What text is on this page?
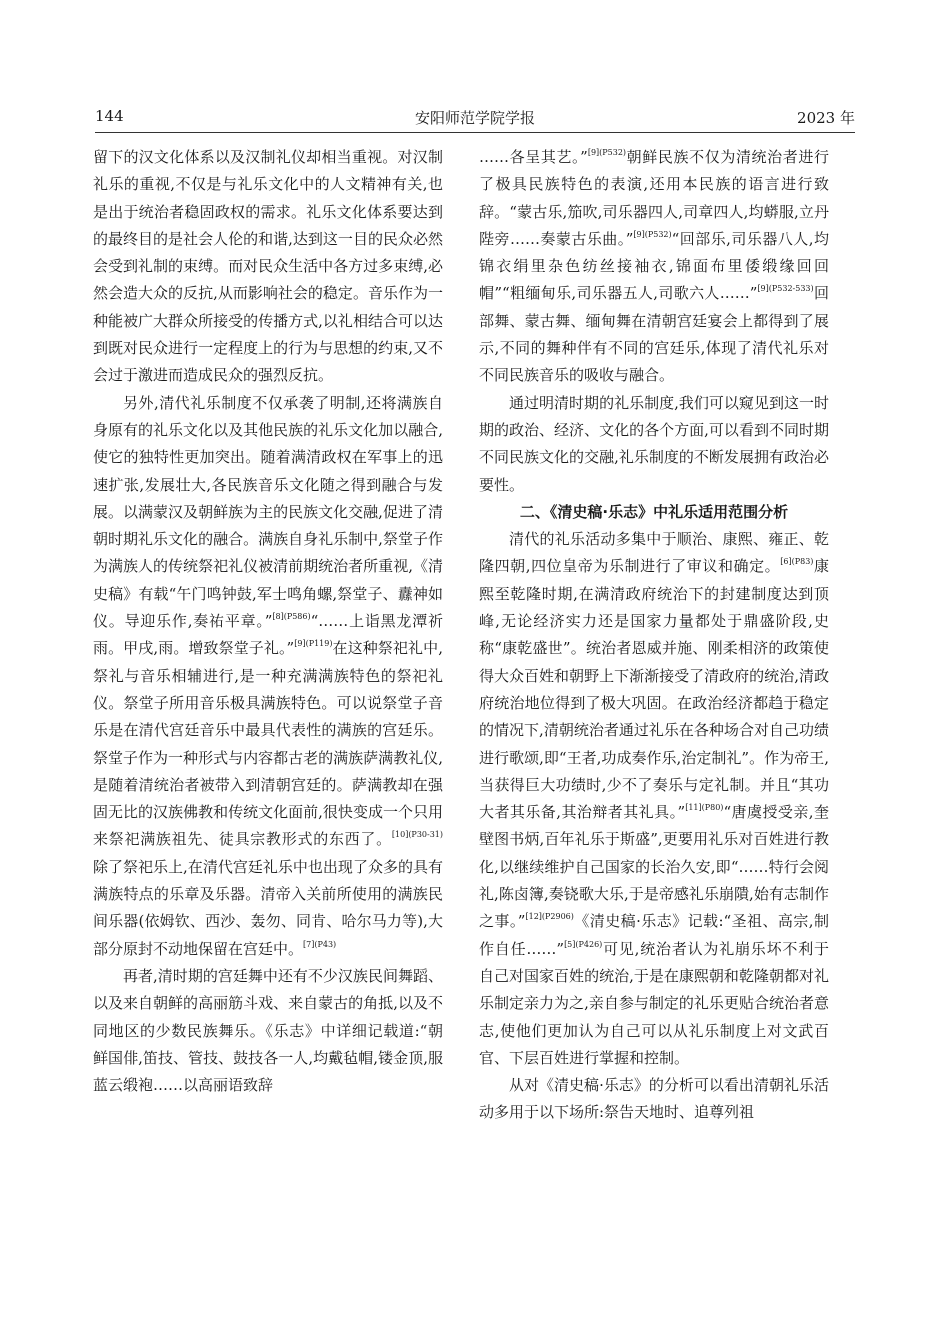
144	安阳师范学院学报	2023 年

留下的汉文化体系以及汉制礼仪却相当重视。对汉制礼乐的重视,不仅是与礼乐文化中的人文精神有关,也是出于统治者稳固政权的需求。礼乐文化体系要达到的最终目的是社会人伦的和谐,达到这一目的民众必然会受到礼制的束缚。而对民众生活中各方过多束缚,必然会造大众的反抗,从而影响社会的稳定。音乐作为一种能被广大群众所接受的传播方式,以礼相结合可以达到既对民众进行一定程度上的行为与思想的约束,又不会过于激进而造成民众的强烈反抗。

另外,清代礼乐制度不仅承袭了明制,还将满族自身原有的礼乐文化以及其他民族的礼乐文化加以融合,使它的独特性更加突出。随着满清政权在军事上的迅速扩张,发展壮大,各民族音乐文化随之得到融合与发展。以满蒙汉及朝鲜族为主的民族文化交融,促进了清朝时期礼乐文化的融合。满族自身礼乐制中,祭堂子作为满族人的传统祭祀礼仪被清前期统治者所重视,《清史稿》有载“午门鸣钟鼓,军士鸣角螺,祭堂子、纛神如仪。导迎乐作,奏祐平章。”$^{[8](P586)}$“……上诣黑龙潭祈雨。甲戌,雨。增致祭堂子礼。”$^{[9](P119)}$在这种祭祀礼中,祭礼与音乐相辅进行,是一种充满满族特色的祭祀礼仪。祭堂子所用音乐极具满族特色。可以说祭堂子音乐是在清代宫廷音乐中最具代表性的满族的宫廷乐。祭堂子作为一种形式与内容都古老的满族萨满教礼仪,是随着清统治者被带入到清朝宫廷的。萨满教却在强固无比的汉族佛教和传统文化面前,很快变成一个只用来祭祀满族祖先、徒具宗教形式的东西了。$^{[10](P30-31)}$除了祭祀乐上,在清代宫廷礼乐中也出现了众多的具有满族特点的乐章及乐器。清帝入关前所使用的满族民间乐器(依姆钦、西沙、轰勿、同肯、哈尔马力等),大部分原封不动地保留在宫廷中。$^{[7](P43)}$

再者,清时期的宫廷舞中还有不少汉族民间舞蹈、以及来自朝鲜的高丽筋斗戏、来自蒙古的角抵,以及不同地区的少数民族舞乐。《乐志》中详细记载道:“朝鲜国俳,笛技、管技、鼓技各一人,均戴毡帽,镂金顶,服蓝云缎袍……以高丽语致辞

……各呈其艺。”$^{[9](P532)}$朝鲜民族不仅为清统治者进行了极具民族特色的表演,还用本民族的语言进行致辞。“蒙古乐,笳吹,司乐器四人,司章四人,均蟒服,立丹陛旁……奏蒙古乐曲。”$^{[9](P532)}$“回部乐,司乐器八人,均锦衣绢里杂色纺丝接袖衣,锦面布里倭缎缘回回帽”“粗缅甸乐,司乐器五人,司歌六人……”$^{[9](P532-533)}$回部舞、蒙古舞、缅甸舞在清朝宫廷宴会上都得到了展示,不同的舞种伴有不同的宫廷乐,体现了清代礼乐对不同民族音乐的吸收与融合。

通过明清时期的礼乐制度,我们可以窥见到这一时期的政治、经济、文化的各个方面,可以看到不同时期不同民族文化的交融,礼乐制度的不断发展拥有政治必要性。

二、《清史稿·乐志》中礼乐适用范围分析

清代的礼乐活动多集中于顺治、康熙、雍正、乾隆四朝,四位皇帝为乐制进行了审议和确定。$^{[6](P83)}$康熙至乾隆时期,在满清政府统治下的封建制度达到顶峰,无论经济实力还是国家力量都处于鼎盛阶段,史称“康乾盛世”。统治者恩威并施、刚柔相济的政策使得大众百姓和朝野上下渐渐接受了清政府的统治,清政府统治地位得到了极大巩固。在政治经济都趋于稳定的情况下,清朝统治者通过礼乐在各种场合对自己功绩进行歌颂,即“王者,功成奏作乐,治定制礼”。作为帝王,当获得巨大功绩时,少不了奏乐与定礼制。并且“其功大者其乐备,其治辩者其礼具。”$^{[11](P80)}$“唐虞授受亲,奎壁图书炳,百年礼乐于斯盛”,更要用礼乐对百姓进行教化,以继续维护自己国家的长治久安,即“……特行会阅礼,陈卤簿,奏铙歌大乐,于是帝感礼乐崩隤,始有志制作之事。”$^{[12](P2906)}$《清史稿·乐志》记载:“圣祖、高宗,制作自任……”$^{[5](P426)}$可见,统治者认为礼崩乐坏不利于自己对国家百姓的统治,于是在康熙朝和乾隆朝都对礼乐制定亲力为之,亲自参与制定的礼乐更贴合统治者意志,使他们更加认为自己可以从礼乐制度上对文武百官、下层百姓进行掌握和控制。

从对《清史稿·乐志》的分析可以看出清朝礼乐活动多用于以下场所:祭告天地时、追尊列祖
